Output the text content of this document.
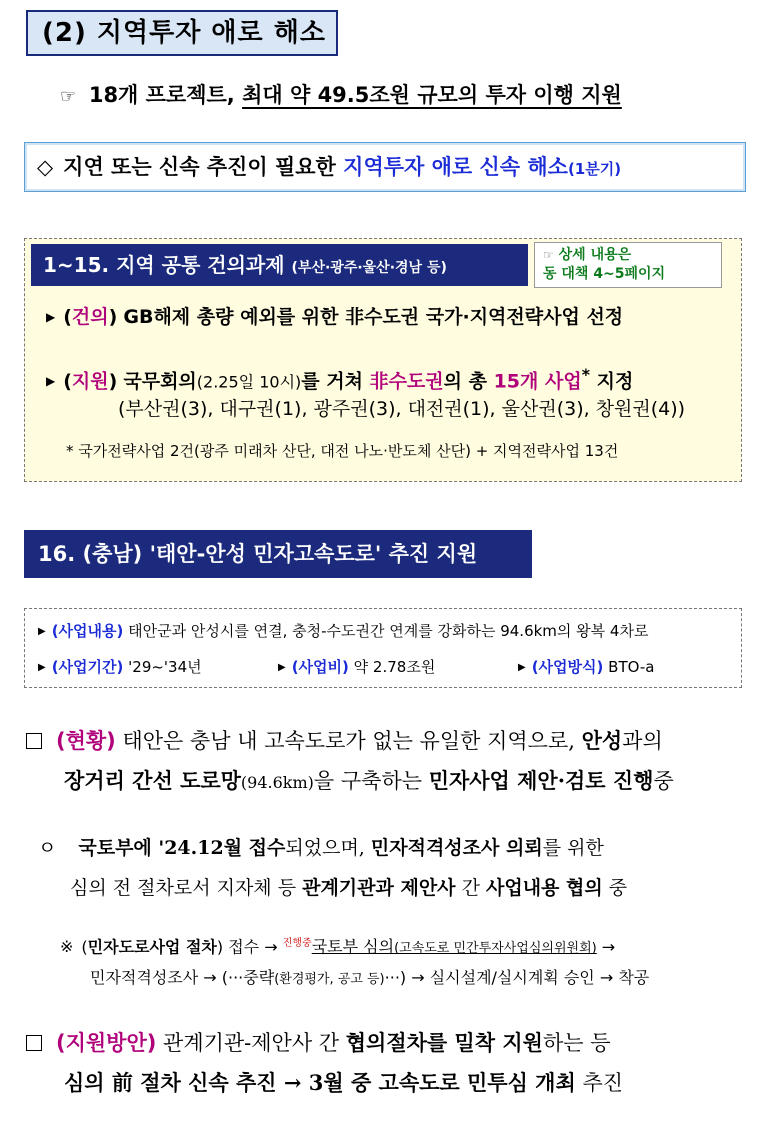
(2) 지역투자 애로 해소
☞ 18개 프로젝트, 최대 약 49.5조원 규모의 투자 이행 지원
◇ 지연 또는 신속 추진이 필요한 지역투자 애로 신속 해소(1분기)
1~15. 지역 공통 건의과제 (부산·광주·울산·경남 등)
☞ 상세 내용은
동 대책 4~5페이지
▶ (건의) GB해제 총량 예외를 위한 非수도권 국가·지역전략사업 선정
▶ (지원) 국무회의(2.25일 10시)를 거쳐 非수도권의 총 15개 사업* 지정
(부산권(3), 대구권(1), 광주권(3), 대전권(1), 울산권(3), 창원권(4))
* 국가전략사업 2건(광주 미래차 산단, 대전 나노·반도체 산단) + 지역전략사업 13건
16. (충남) '태안-안성 민자고속도로' 추진 지원
▶ (사업내용) 태안군과 안성시를 연결, 충청-수도권간 연계를 강화하는 94.6km의 왕복 4차로
▶ (사업기간) '29~'34년	▶ (사업비) 약 2.78조원	▶ (사업방식) BTO-a
(현황) 태안은 충남 내 고속도로가 없는 유일한 지역으로, 안성과의
장거리 간선 도로망(94.6km)을 구축하는 민자사업 제안·검토 진행중
ㅇ 국토부에 '24.12월 접수되었으며, 민자적격성조사 의뢰를 위한
심의 전 절차로서 지자체 등 관계기관과 제안사 간 사업내용 협의 중
※ (민자도로사업 절차) 접수 → $^{진행중}$국토부 심의(고속도로 민간투자사업심의위원회) →
민자적격성조사 → (···중략(환경평가, 공고 등)···) → 실시설계/실시계획 승인 → 착공
(지원방안) 관계기관-제안사 간 협의절차를 밀착 지원하는 등
심의 前 절차 신속 추진 → 3월 중 고속도로 민투심 개최 추진
